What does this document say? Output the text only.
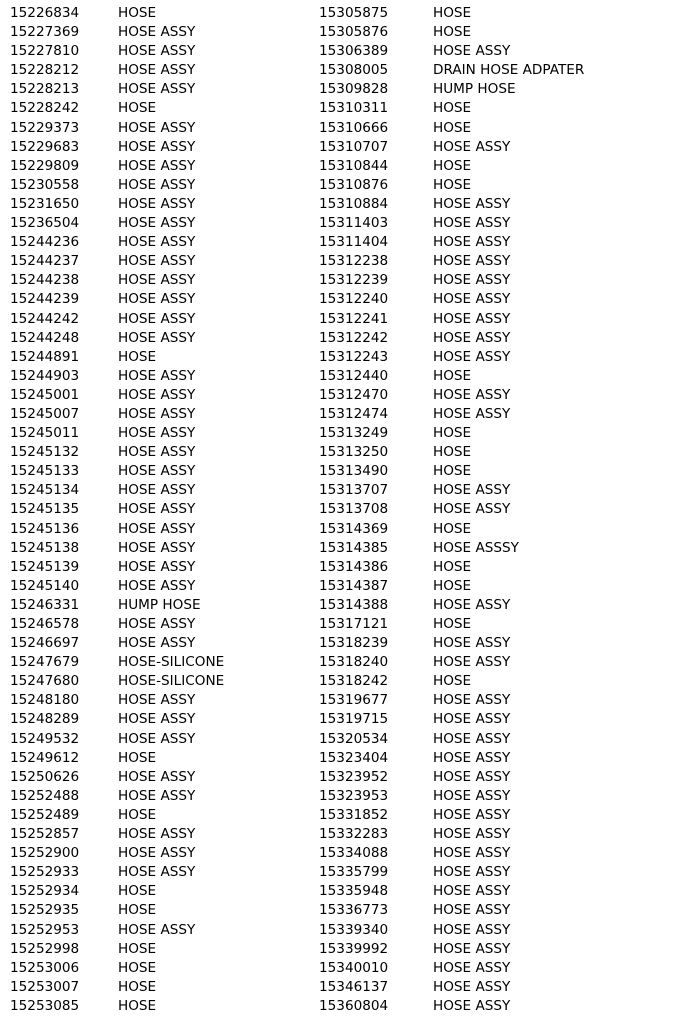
15226834	HOSE
15227369	HOSE ASSY
15227810	HOSE ASSY
15228212	HOSE ASSY
15228213	HOSE ASSY
15228242	HOSE
15229373	HOSE ASSY
15229683	HOSE ASSY
15229809	HOSE ASSY
15230558	HOSE ASSY
15231650	HOSE ASSY
15236504	HOSE ASSY
15244236	HOSE ASSY
15244237	HOSE ASSY
15244238	HOSE ASSY
15244239	HOSE ASSY
15244242	HOSE ASSY
15244248	HOSE ASSY
15244891	HOSE
15244903	HOSE ASSY
15245001	HOSE ASSY
15245007	HOSE ASSY
15245011	HOSE ASSY
15245132	HOSE ASSY
15245133	HOSE ASSY
15245134	HOSE ASSY
15245135	HOSE ASSY
15245136	HOSE ASSY
15245138	HOSE ASSY
15245139	HOSE ASSY
15245140	HOSE ASSY
15246331	HUMP HOSE
15246578	HOSE ASSY
15246697	HOSE ASSY
15247679	HOSE-SILICONE
15247680	HOSE-SILICONE
15248180	HOSE ASSY
15248289	HOSE ASSY
15249532	HOSE ASSY
15249612	HOSE
15250626	HOSE ASSY
15252488	HOSE ASSY
15252489	HOSE
15252857	HOSE ASSY
15252900	HOSE ASSY
15252933	HOSE ASSY
15252934	HOSE
15252935	HOSE
15252953	HOSE ASSY
15252998	HOSE
15253006	HOSE
15253007	HOSE
15253085	HOSE
15305875	HOSE
15305876	HOSE
15306389	HOSE ASSY
15308005	DRAIN HOSE ADPATER
15309828	HUMP HOSE
15310311	HOSE
15310666	HOSE
15310707	HOSE ASSY
15310844	HOSE
15310876	HOSE
15310884	HOSE ASSY
15311403	HOSE ASSY
15311404	HOSE ASSY
15312238	HOSE ASSY
15312239	HOSE ASSY
15312240	HOSE ASSY
15312241	HOSE ASSY
15312242	HOSE ASSY
15312243	HOSE ASSY
15312440	HOSE
15312470	HOSE ASSY
15312474	HOSE ASSY
15313249	HOSE
15313250	HOSE
15313490	HOSE
15313707	HOSE ASSY
15313708	HOSE ASSY
15314369	HOSE
15314385	HOSE ASSSY
15314386	HOSE
15314387	HOSE
15314388	HOSE ASSY
15317121	HOSE
15318239	HOSE ASSY
15318240	HOSE ASSY
15318242	HOSE
15319677	HOSE ASSY
15319715	HOSE ASSY
15320534	HOSE ASSY
15323404	HOSE ASSY
15323952	HOSE ASSY
15323953	HOSE ASSY
15331852	HOSE ASSY
15332283	HOSE ASSY
15334088	HOSE ASSY
15335799	HOSE ASSY
15335948	HOSE ASSY
15336773	HOSE ASSY
15339340	HOSE ASSY
15339992	HOSE ASSY
15340010	HOSE ASSY
15346137	HOSE ASSY
15360804	HOSE ASSY
